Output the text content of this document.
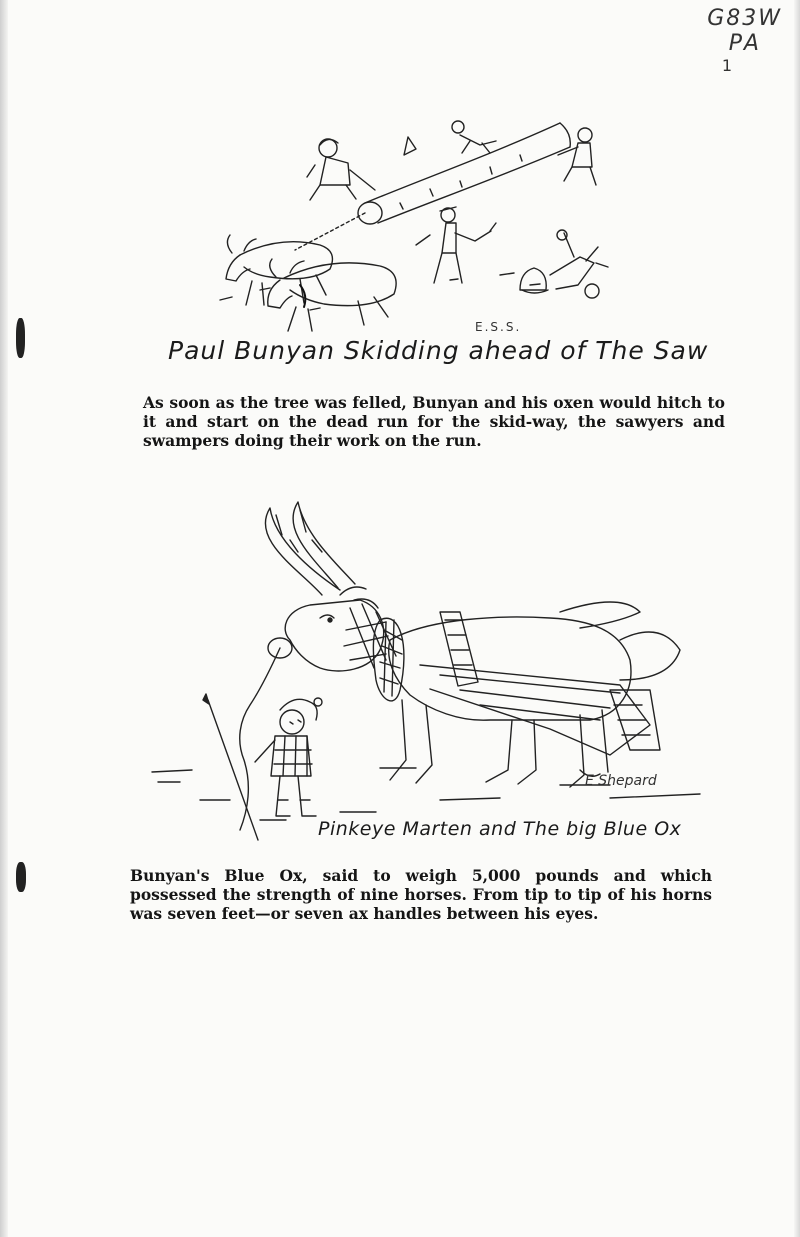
G83W
PA
1
E.S.S.
Paul Bunyan Skidding ahead of The Saw
As soon as the tree was felled, Bunyan and his oxen would hitch to it and start on the dead run for the skid-way, the sawyers and swampers doing their work on the run.
E Shepard
Pinkeye Marten and The big Blue Ox
Bunyan's Blue Ox, said to weigh 5,000 pounds and which possessed the strength of nine horses. From tip to tip of his horns was seven feet—or seven ax handles between his eyes.
